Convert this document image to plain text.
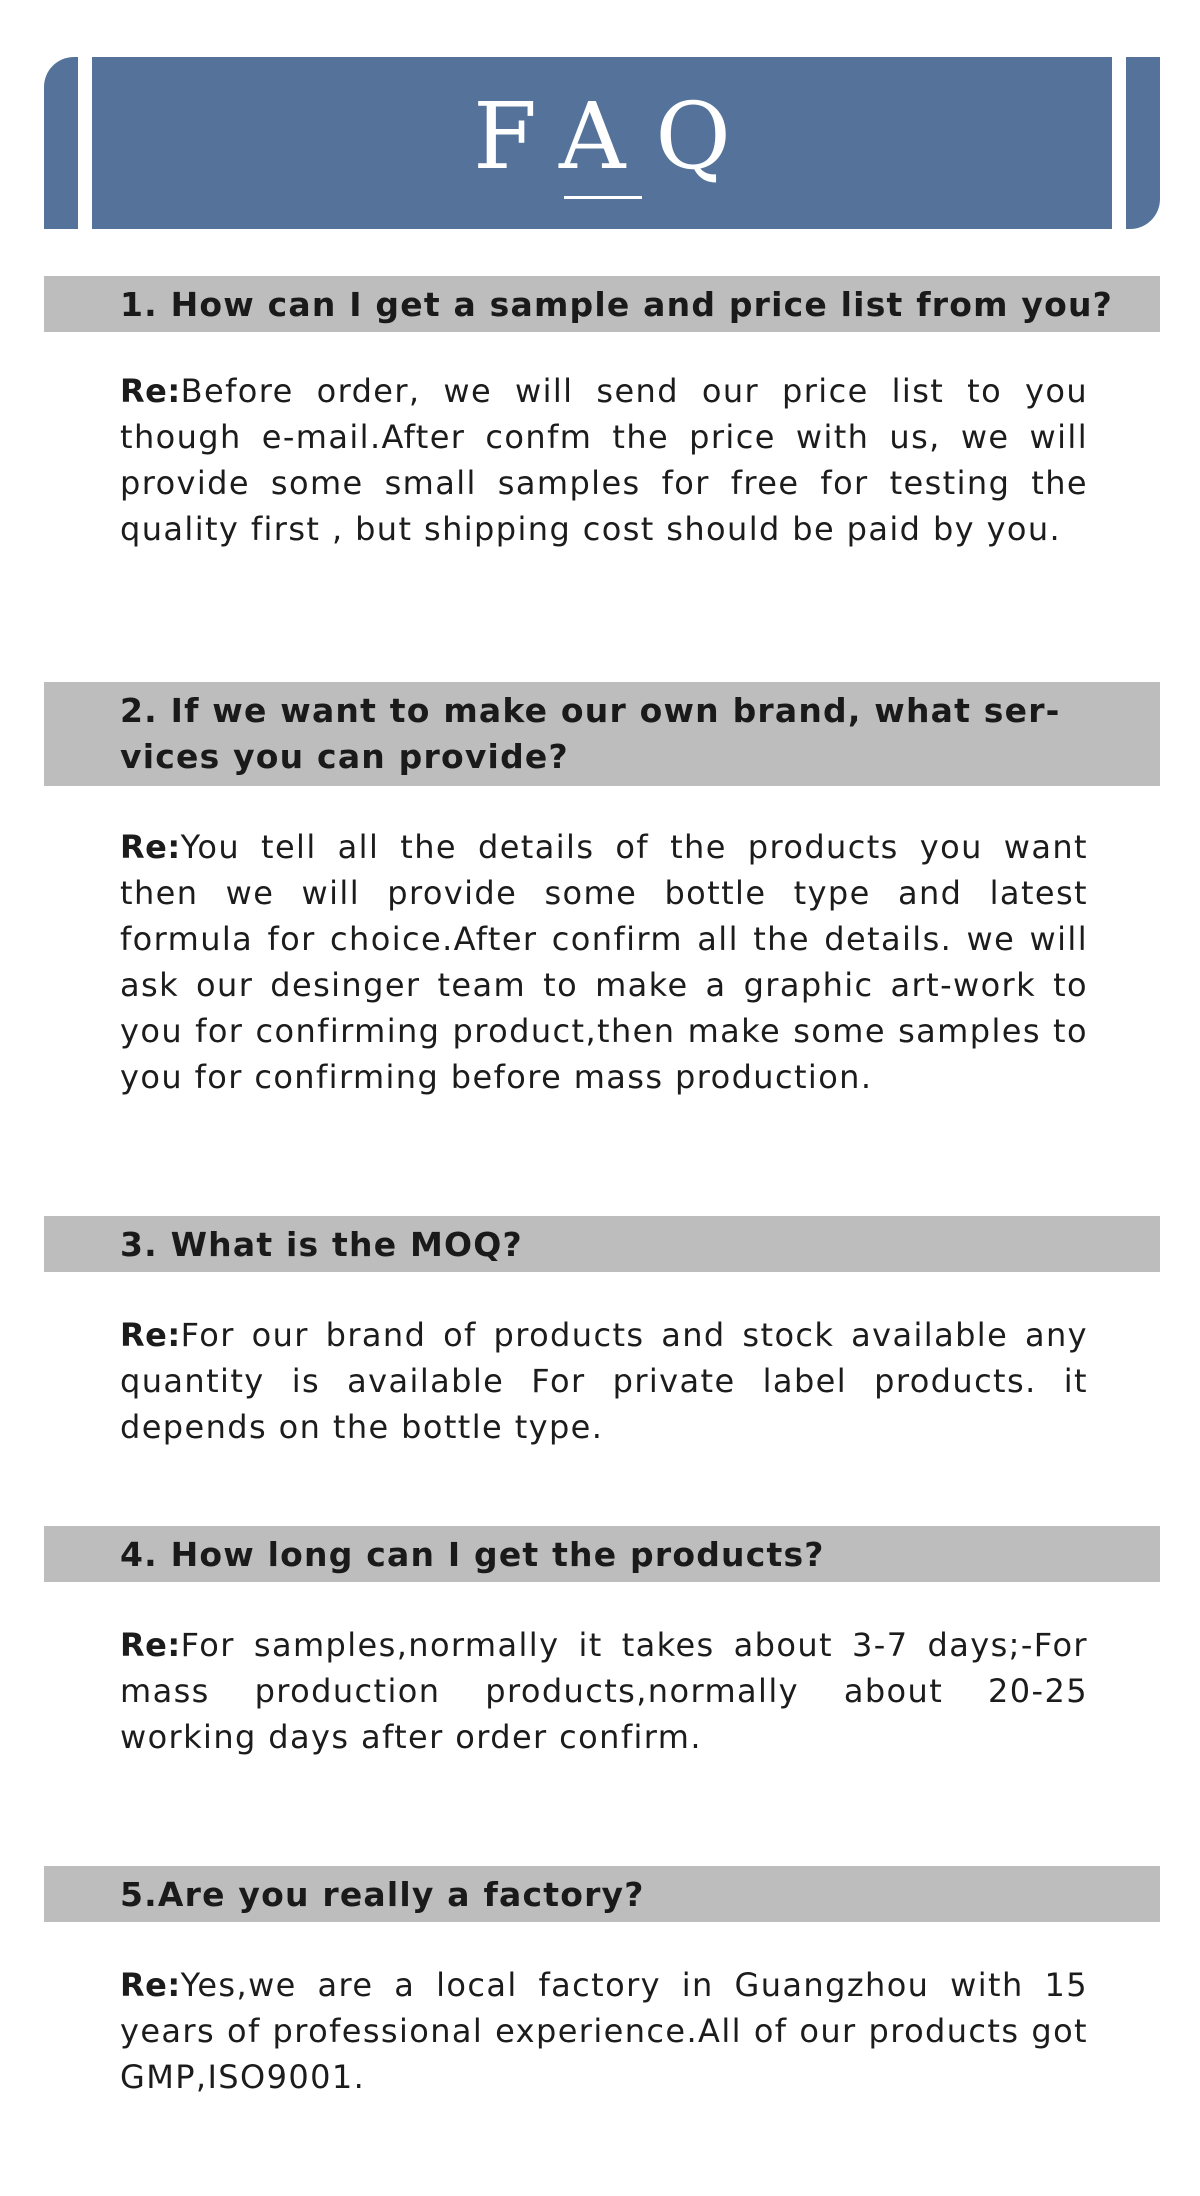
FAQ
1. How can I get a sample and price list from you?
Re:Before order, we will send our price list to you though e-mail.After confm the price with us, we will provide some small samples for free for testing the quality first , but shipping cost should be paid by you.
2. If we want to make our own brand, what ser-vices you can provide?
Re:You tell all the details of the products you want then we will provide some bottle type and latest formula for choice.After confirm all the details. we will ask our desinger team to make a graphic art-work to you for confirming product,then make some samples to you for confirming before mass production.
3. What is the MOQ?
Re:For our brand of products and stock available any quantity is available For private label products. it depends on the bottle type.
4. How long can I get the products?
Re:For samples,normally it takes about 3-7 days;-For mass production products,normally about 20-25 working days after order confirm.
5.Are you really a factory?
Re:Yes,we are a local factory in Guangzhou with 15 years of professional experience.All of our products got GMP,ISO9001.
